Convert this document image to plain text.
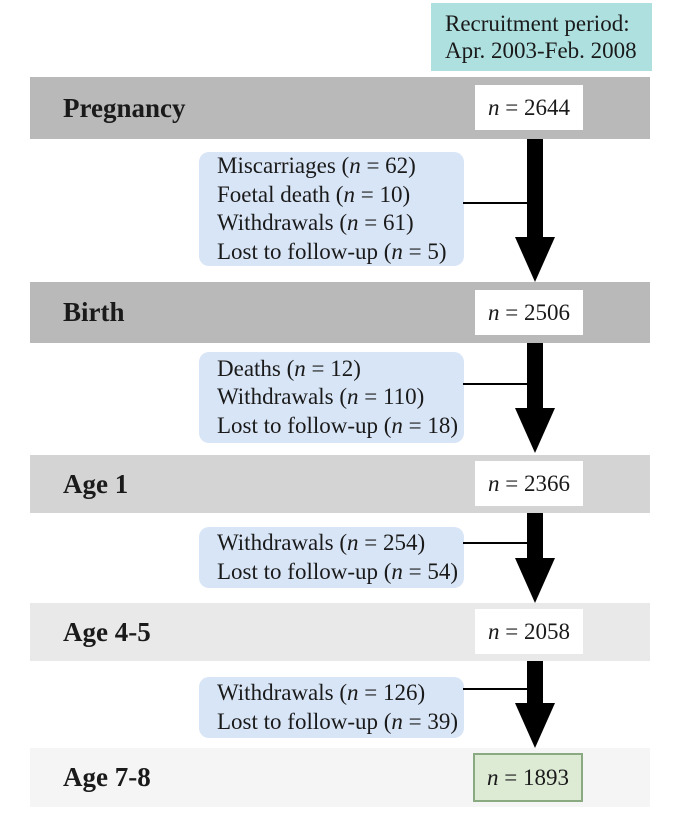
Recruitment period:
Apr. 2003-Feb. 2008
Pregnancy
Birth
Age 1
Age 4-5
Age 7-8
n = 2644
n = 2506
n = 2366
n = 2058
n = 1893
Miscarriages (n = 62)
Foetal death (n = 10)
Withdrawals (n = 61)
Lost to follow-up (n = 5)
Deaths (n = 12)
Withdrawals (n = 110)
Lost to follow-up (n = 18)
Withdrawals (n = 254)
Lost to follow-up (n = 54)
Withdrawals (n = 126)
Lost to follow-up (n = 39)
